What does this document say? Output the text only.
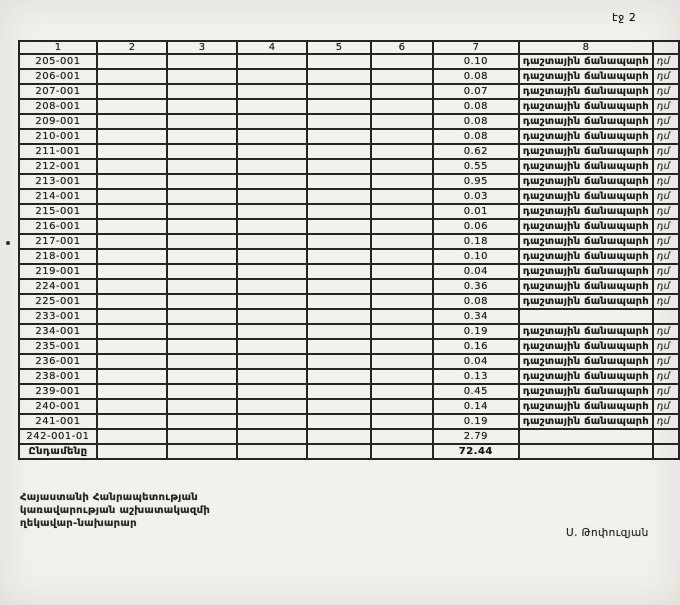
էջ 2
1	2	3	4	5	6	7	8	
205-001						0.10	դաշտային ճանապարհ	դմ
206-001						0.08	դաշտային ճանապարհ	դմ
207-001						0.07	դաշտային ճանապարհ	դմ
208-001						0.08	դաշտային ճանապարհ	դմ
209-001						0.08	դաշտային ճանապարհ	դմ
210-001						0.08	դաշտային ճանապարհ	դմ
211-001						0.62	դաշտային ճանապարհ	դմ
212-001						0.55	դաշտային ճանապարհ	դմ
213-001						0.95	դաշտային ճանապարհ	դմ
214-001						0.03	դաշտային ճանապարհ	դմ
215-001						0.01	դաշտային ճանապարհ	դմ
216-001						0.06	դաշտային ճանապարհ	դմ
217-001						0.18	դաշտային ճանապարհ	դմ
218-001						0.10	դաշտային ճանապարհ	դմ
219-001						0.04	դաշտային ճանապարհ	դմ
224-001						0.36	դաշտային ճանապարհ	դմ
225-001						0.08	դաշտային ճանապարհ	դմ
233-001						0.34		
234-001						0.19	դաշտային ճանապարհ	դմ
235-001						0.16	դաշտային ճանապարհ	դմ
236-001						0.04	դաշտային ճանապարհ	դմ
238-001						0.13	դաշտային ճանապարհ	դմ
239-001						0.45	դաշտային ճանապարհ	դմ
240-001						0.14	դաշտային ճանապարհ	դմ
241-001						0.19	դաշտային ճանապարհ	դմ
242-001-01						2.79		
Ընդամենը						72.44		
Հայաստանի Հանրապետության
կառավարության աշխատակազմի
ղեկավար-նախարար
Ս. Թոփուզյան
